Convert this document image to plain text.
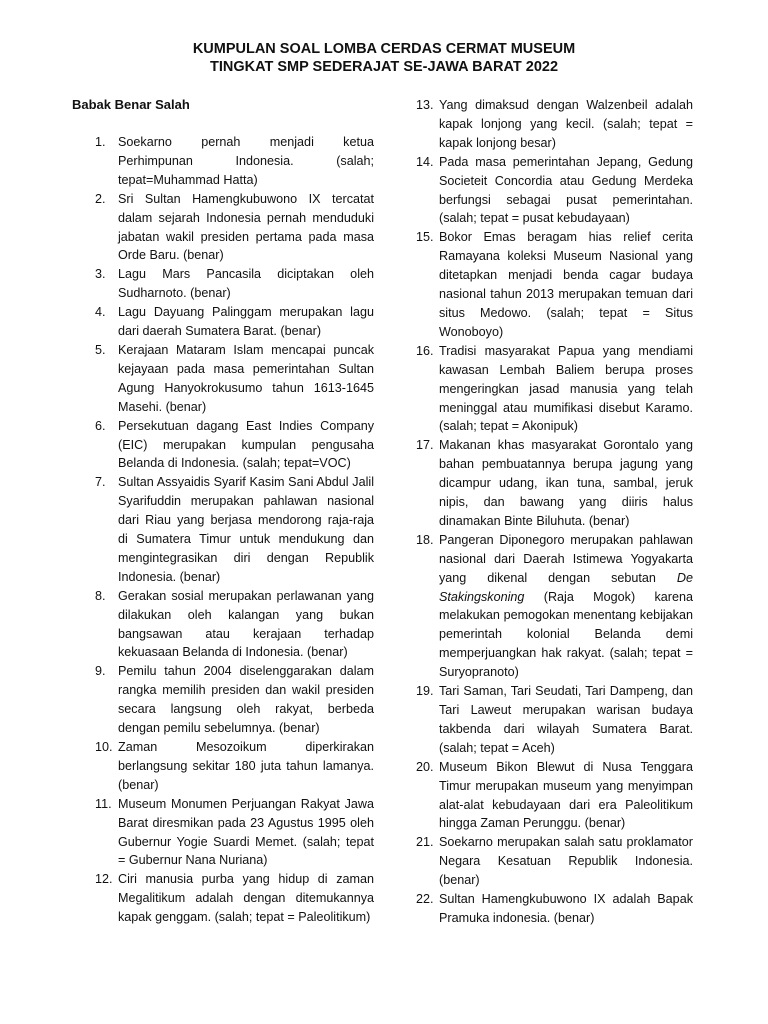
KUMPULAN SOAL LOMBA CERDAS CERMAT MUSEUM
TINGKAT SMP SEDERAJAT SE-JAWA BARAT 2022
Babak Benar Salah
1. Soekarno pernah menjadi ketua Perhimpunan Indonesia. (salah; tepat=Muhammad Hatta)
2. Sri Sultan Hamengkubuwono IX tercatat dalam sejarah Indonesia pernah menduduki jabatan wakil presiden pertama pada masa Orde Baru. (benar)
3. Lagu Mars Pancasila diciptakan oleh Sudharnoto. (benar)
4. Lagu Dayuang Palinggam merupakan lagu dari daerah Sumatera Barat. (benar)
5. Kerajaan Mataram Islam mencapai puncak kejayaan pada masa pemerintahan Sultan Agung Hanyokrokusumo tahun 1613-1645 Masehi. (benar)
6. Persekutuan dagang East Indies Company (EIC) merupakan kumpulan pengusaha Belanda di Indonesia. (salah; tepat=VOC)
7. Sultan Assyaidis Syarif Kasim Sani Abdul Jalil Syarifuddin merupakan pahlawan nasional dari Riau yang berjasa mendorong raja-raja di Sumatera Timur untuk mendukung dan mengintegrasikan diri dengan Republik Indonesia. (benar)
8. Gerakan sosial merupakan perlawanan yang dilakukan oleh kalangan yang bukan bangsawan atau kerajaan terhadap kekuasaan Belanda di Indonesia. (benar)
9. Pemilu tahun 2004 diselenggarakan dalam rangka memilih presiden dan wakil presiden secara langsung oleh rakyat, berbeda dengan pemilu sebelumnya. (benar)
10. Zaman Mesozoikum diperkirakan berlangsung sekitar 180 juta tahun lamanya. (benar)
11. Museum Monumen Perjuangan Rakyat Jawa Barat diresmikan pada 23 Agustus 1995 oleh Gubernur Yogie Suardi Memet. (salah; tepat = Gubernur Nana Nuriana)
12. Ciri manusia purba yang hidup di zaman Megalitikum adalah dengan ditemukannya kapak genggam. (salah; tepat = Paleolitikum)
13. Yang dimaksud dengan Walzenbeil adalah kapak lonjong yang kecil. (salah; tepat = kapak lonjong besar)
14. Pada masa pemerintahan Jepang, Gedung Societeit Concordia atau Gedung Merdeka berfungsi sebagai pusat pemerintahan. (salah; tepat = pusat kebudayaan)
15. Bokor Emas beragam hias relief cerita Ramayana koleksi Museum Nasional yang ditetapkan menjadi benda cagar budaya nasional tahun 2013 merupakan temuan dari situs Medowo. (salah; tepat = Situs Wonoboyo)
16. Tradisi masyarakat Papua yang mendiami kawasan Lembah Baliem berupa proses mengeringkan jasad manusia yang telah meninggal atau mumifikasi disebut Karamo. (salah; tepat = Akonipuk)
17. Makanan khas masyarakat Gorontalo yang bahan pembuatannya berupa jagung yang dicampur udang, ikan tuna, sambal, jeruk nipis, dan bawang yang diiris halus dinamakan Binte Biluhuta. (benar)
18. Pangeran Diponegoro merupakan pahlawan nasional dari Daerah Istimewa Yogyakarta yang dikenal dengan sebutan De Stakingskoning (Raja Mogok) karena melakukan pemogokan menentang kebijakan pemerintah kolonial Belanda demi memperjuangkan hak rakyat. (salah; tepat = Suryopranoto)
19. Tari Saman, Tari Seudati, Tari Dampeng, dan Tari Laweut merupakan warisan budaya takbenda dari wilayah Sumatera Barat. (salah; tepat = Aceh)
20. Museum Bikon Blewut di Nusa Tenggara Timur merupakan museum yang menyimpan alat-alat kebudayaan dari era Paleolitikum hingga Zaman Perunggu. (benar)
21. Soekarno merupakan salah satu proklamator Negara Kesatuan Republik Indonesia. (benar)
22. Sultan Hamengkubuwono IX adalah Bapak Pramuka indonesia. (benar)
